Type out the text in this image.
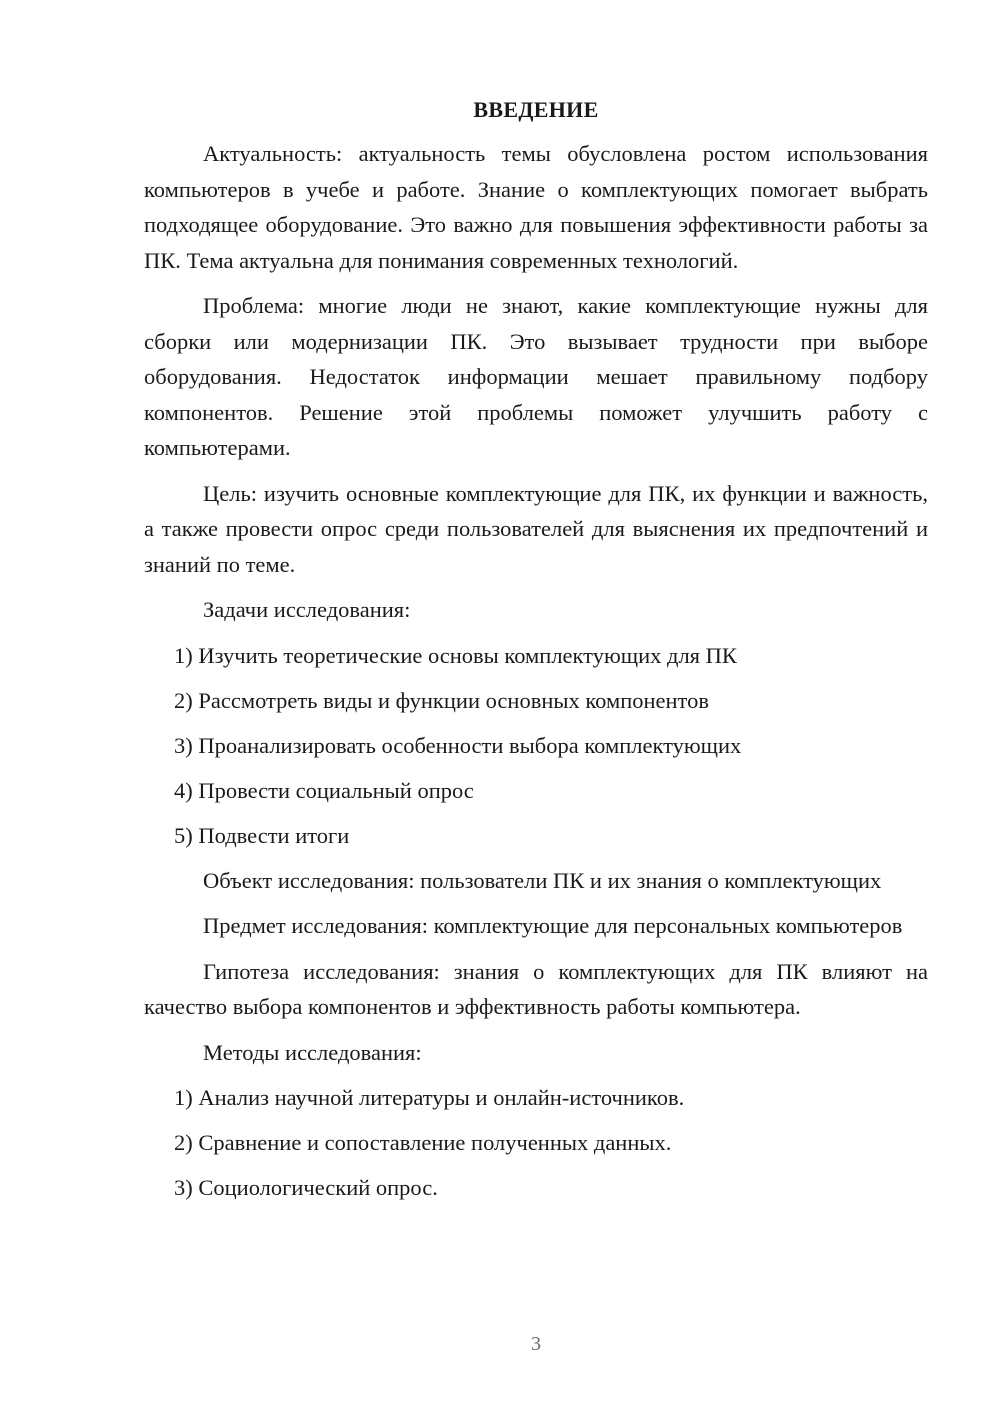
ВВЕДЕНИЕ

Актуальность: актуальность темы обусловлена ростом использования компьютеров в учебе и работе. Знание о комплектующих помогает выбрать подходящее оборудование. Это важно для повышения эффективности работы за ПК. Тема актуальна для понимания современных технологий.

Проблема: многие люди не знают, какие комплектующие нужны для сборки или модернизации ПК. Это вызывает трудности при выборе оборудования. Недостаток информации мешает правильному подбору компонентов. Решение этой проблемы поможет улучшить работу с компьютерами.

Цель: изучить основные комплектующие для ПК, их функции и важность, а также провести опрос среди пользователей для выяснения их предпочтений и знаний по теме.

Задачи исследования:

1) Изучить теоретические основы комплектующих для ПК
2) Рассмотреть виды и функции основных компонентов
3) Проанализировать особенности выбора комплектующих
4) Провести социальный опрос
5) Подвести итоги

Объект исследования: пользователи ПК и их знания о комплектующих

Предмет исследования: комплектующие для персональных компьютеров

Гипотеза исследования: знания о комплектующих для ПК влияют на качество выбора компонентов и эффективность работы компьютера.

Методы исследования:

1) Анализ научной литературы и онлайн-источников.
2) Сравнение и сопоставление полученных данных.
3) Социологический опрос.
3
